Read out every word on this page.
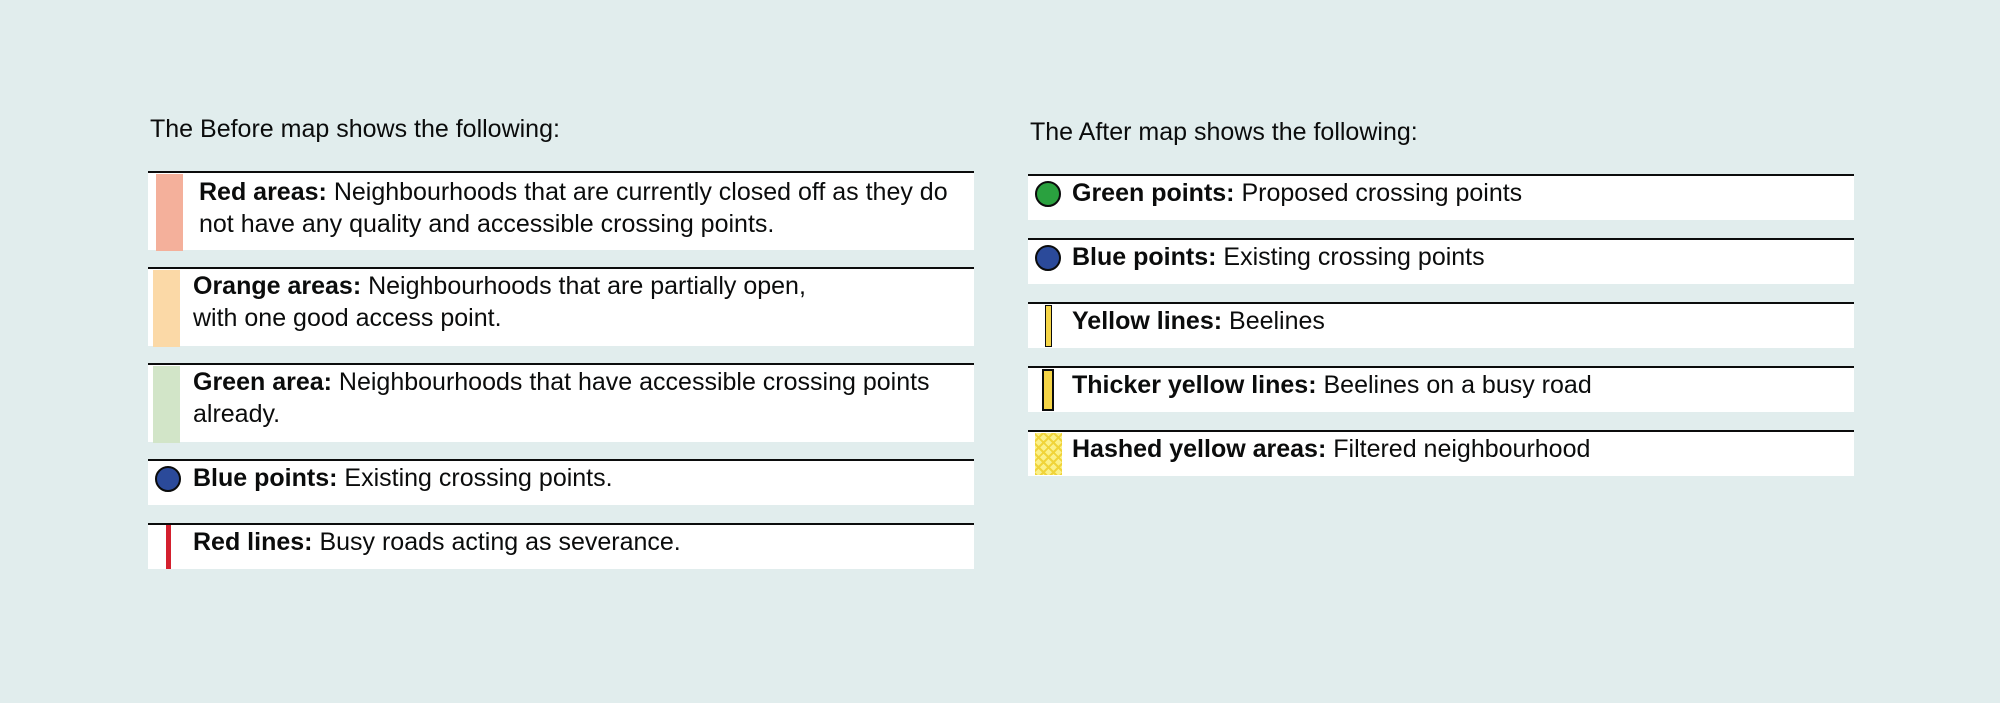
The Before map shows the following:
Red areas: Neighbourhoods that are currently closed off as they do not have any quality and accessible crossing points.
Orange areas: Neighbourhoods that are partially open,
with one good access point.
Green area: Neighbourhoods that have accessible crossing points already.
Blue points: Existing crossing points.
Red lines: Busy roads acting as severance.
The After map shows the following:
Green points: Proposed crossing points
Blue points: Existing crossing points
Yellow lines: Beelines
Thicker yellow lines: Beelines on a busy road
Hashed yellow areas: Filtered neighbourhood
